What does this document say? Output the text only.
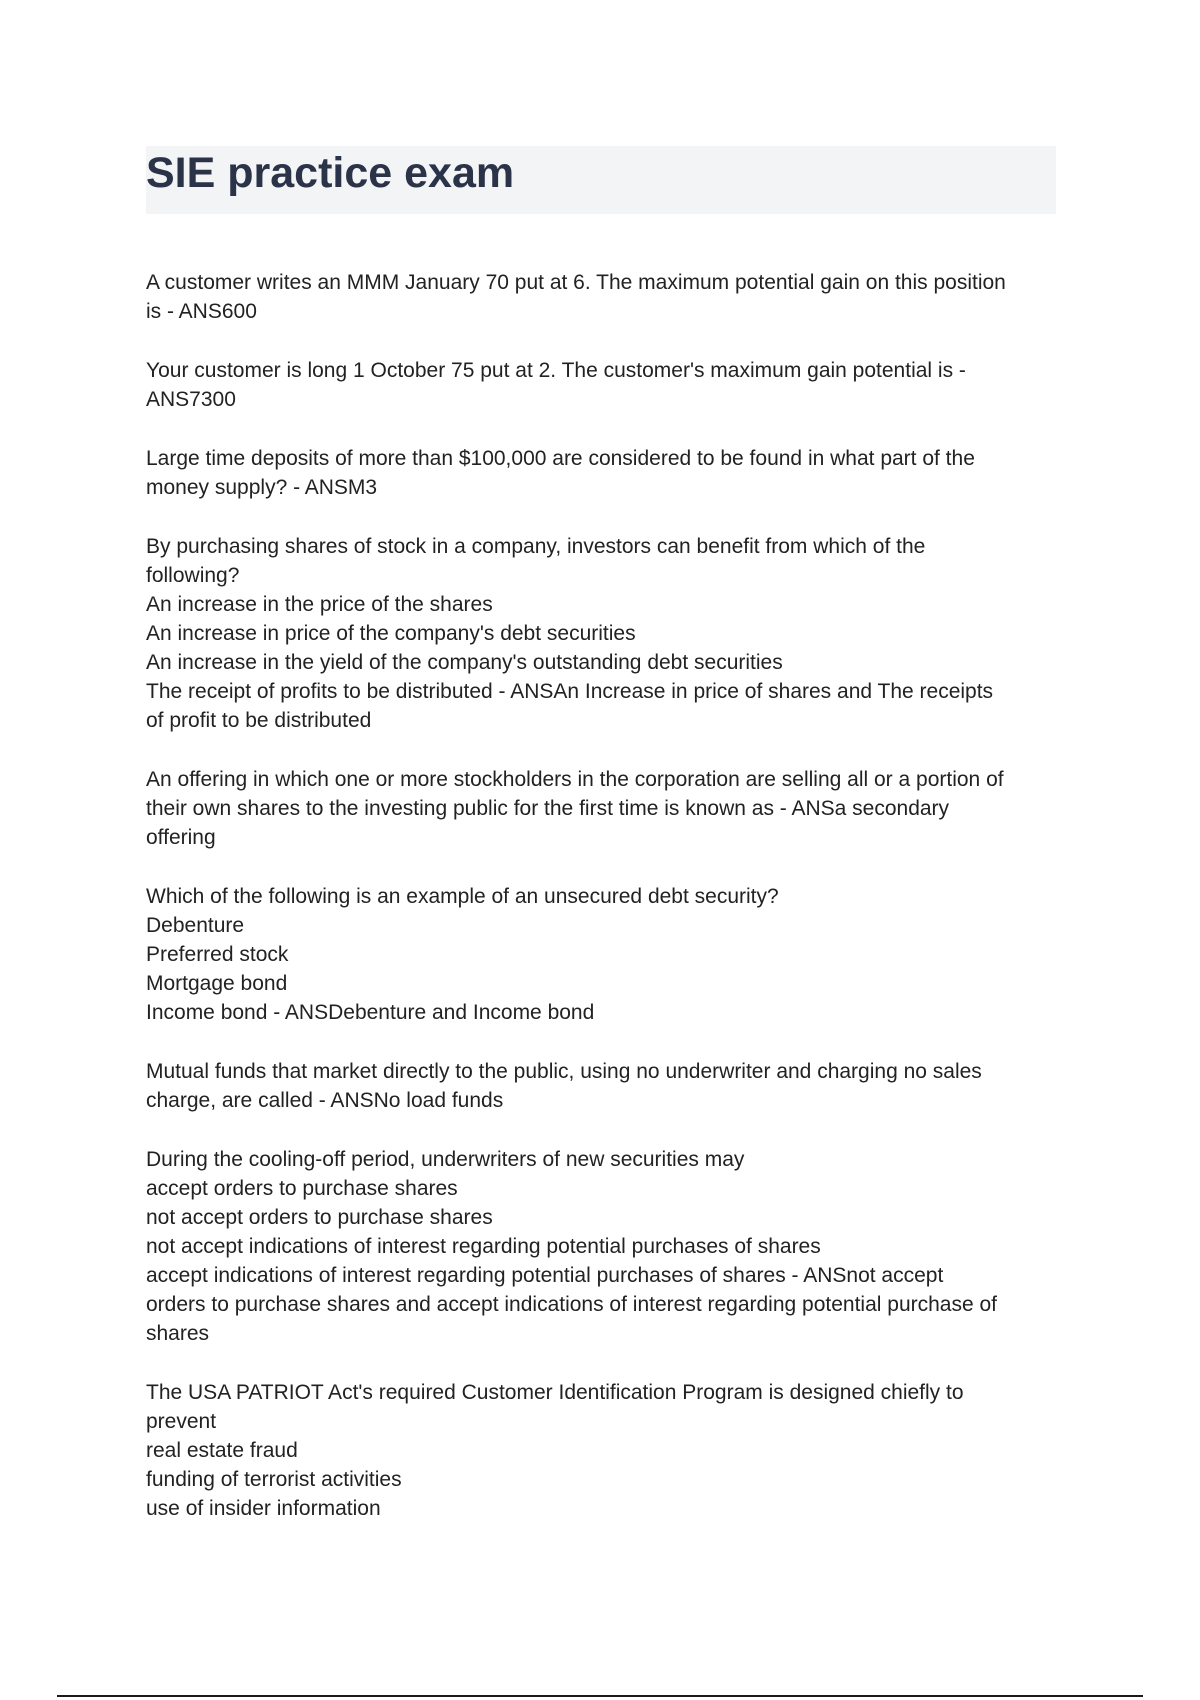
SIE practice exam
A customer writes an MMM January 70 put at 6. The maximum potential gain on this position
is - ANS600
Your customer is long 1 October 75 put at 2. The customer's maximum gain potential is -
ANS7300
Large time deposits of more than $100,000 are considered to be found in what part of the
money supply? - ANSM3
By purchasing shares of stock in a company, investors can benefit from which of the
following?
An increase in the price of the shares
An increase in price of the company's debt securities
An increase in the yield of the company's outstanding debt securities
The receipt of profits to be distributed - ANSAn Increase in price of shares and The receipts
of profit to be distributed
An offering in which one or more stockholders in the corporation are selling all or a portion of
their own shares to the investing public for the first time is known as - ANSa secondary
offering
Which of the following is an example of an unsecured debt security?
Debenture
Preferred stock
Mortgage bond
Income bond - ANSDebenture and Income bond
Mutual funds that market directly to the public, using no underwriter and charging no sales
charge, are called - ANSNo load funds
During the cooling-off period, underwriters of new securities may
accept orders to purchase shares
not accept orders to purchase shares
not accept indications of interest regarding potential purchases of shares
accept indications of interest regarding potential purchases of shares - ANSnot accept
orders to purchase shares and accept indications of interest regarding potential purchase of
shares
The USA PATRIOT Act's required Customer Identification Program is designed chiefly to
prevent
real estate fraud
funding of terrorist activities
use of insider information
